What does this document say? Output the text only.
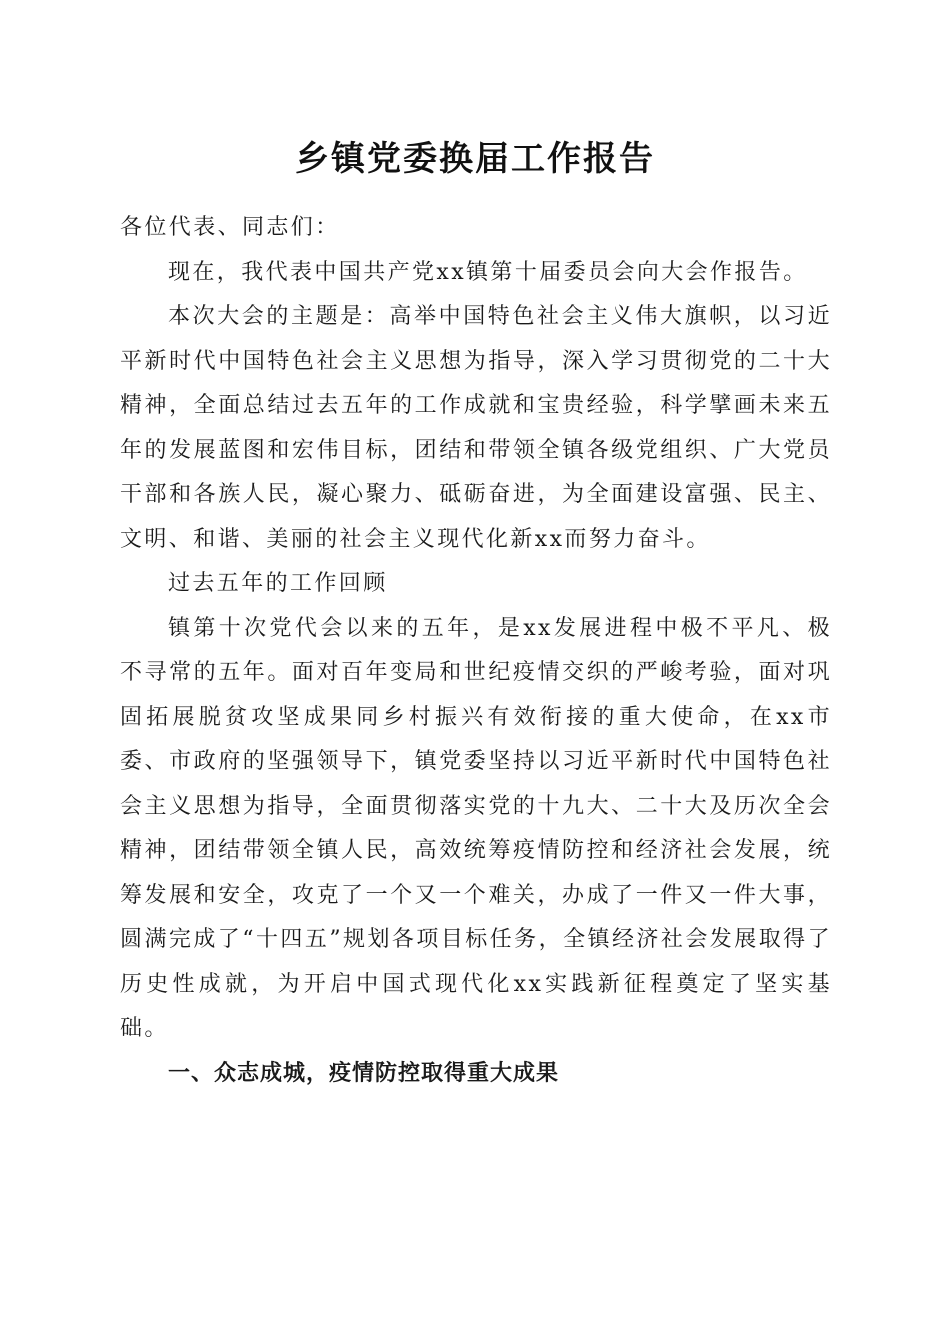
乡镇党委换届工作报告

各位代表、同志们：

现在，我代表中国共产党xx镇第十届委员会向大会作报告。

本次大会的主题是：高举中国特色社会主义伟大旗帜，以习近平新时代中国特色社会主义思想为指导，深入学习贯彻党的二十大精神，全面总结过去五年的工作成就和宝贵经验，科学擘画未来五年的发展蓝图和宏伟目标，团结和带领全镇各级党组织、广大党员干部和各族人民，凝心聚力、砥砺奋进，为全面建设富强、民主、文明、和谐、美丽的社会主义现代化新xx而努力奋斗。

过去五年的工作回顾

镇第十次党代会以来的五年，是xx发展进程中极不平凡、极不寻常的五年。面对百年变局和世纪疫情交织的严峻考验，面对巩固拓展脱贫攻坚成果同乡村振兴有效衔接的重大使命，在xx市委、市政府的坚强领导下，镇党委坚持以习近平新时代中国特色社会主义思想为指导，全面贯彻落实党的十九大、二十大及历次全会精神，团结带领全镇人民，高效统筹疫情防控和经济社会发展，统筹发展和安全，攻克了一个又一个难关，办成了一件又一件大事，圆满完成了“十四五”规划各项目标任务，全镇经济社会发展取得了历史性成就，为开启中国式现代化xx实践新征程奠定了坚实基础。

一、众志成城，疫情防控取得重大成果
